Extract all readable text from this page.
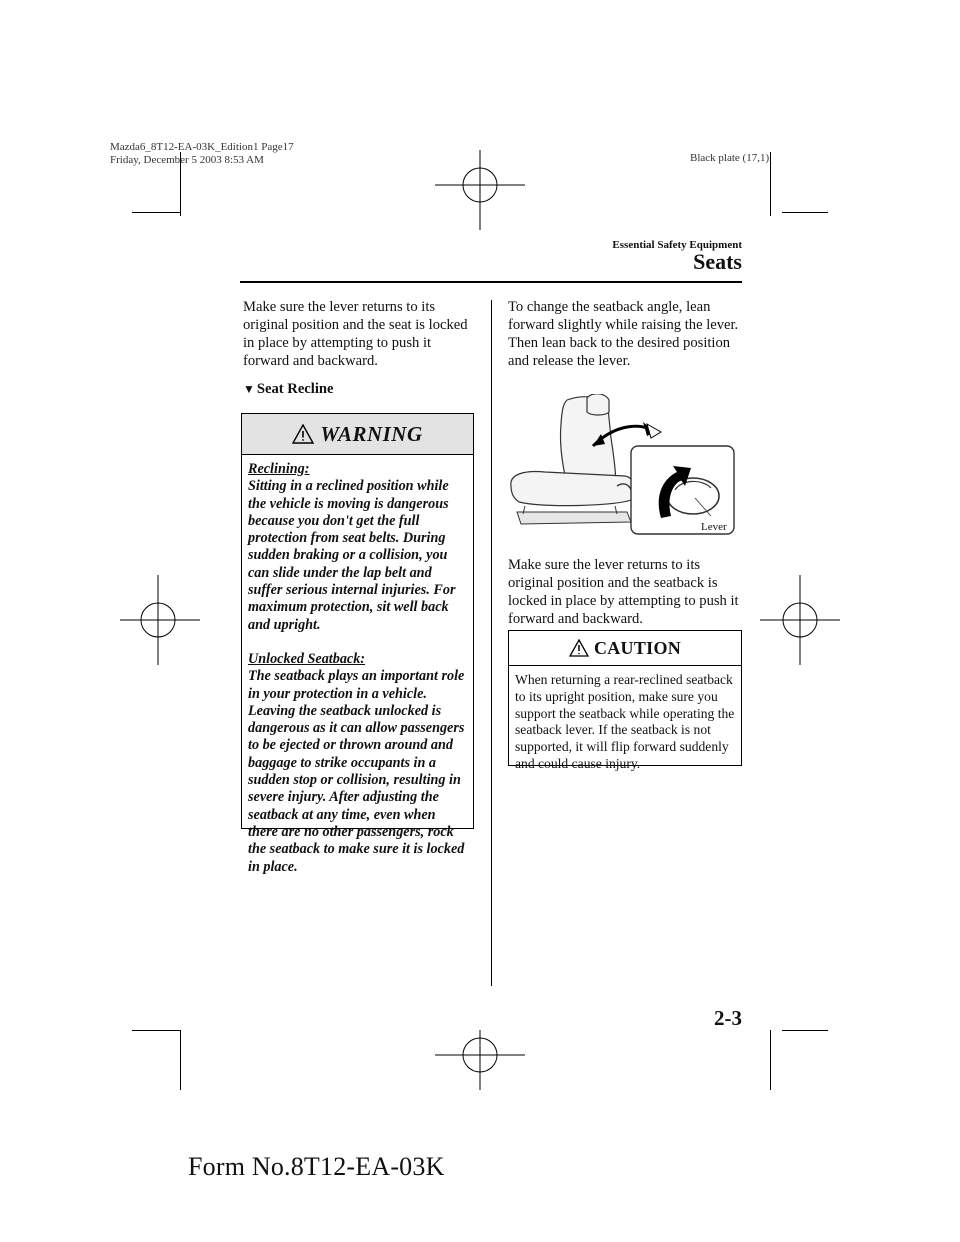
Mazda6_8T12-EA-03K_Edition1 Page17
Friday, December 5 2003 8:53 AM	Black plate (17,1)
Essential Safety Equipment
Seats
Make sure the lever returns to its original position and the seat is locked in place by attempting to push it forward and backward.
▼ Seat Recline
WARNING

Reclining:
Sitting in a reclined position while the vehicle is moving is dangerous because you don't get the full protection from seat belts. During sudden braking or a collision, you can slide under the lap belt and suffer serious internal injuries. For maximum protection, sit well back and upright.

Unlocked Seatback:
The seatback plays an important role in your protection in a vehicle. Leaving the seatback unlocked is dangerous as it can allow passengers to be ejected or thrown around and baggage to strike occupants in a sudden stop or collision, resulting in severe injury. After adjusting the seatback at any time, even when there are no other passengers, rock the seatback to make sure it is locked in place.

To change the seatback angle, lean forward slightly while raising the lever. Then lean back to the desired position and release the lever.
Lever
Make sure the lever returns to its original position and the seatback is locked in place by attempting to push it forward and backward.
CAUTION
When returning a rear-reclined seatback to its upright position, make sure you support the seatback while operating the seatback lever. If the seatback is not supported, it will flip forward suddenly and could cause injury.
2-3
Form No.8T12-EA-03K
